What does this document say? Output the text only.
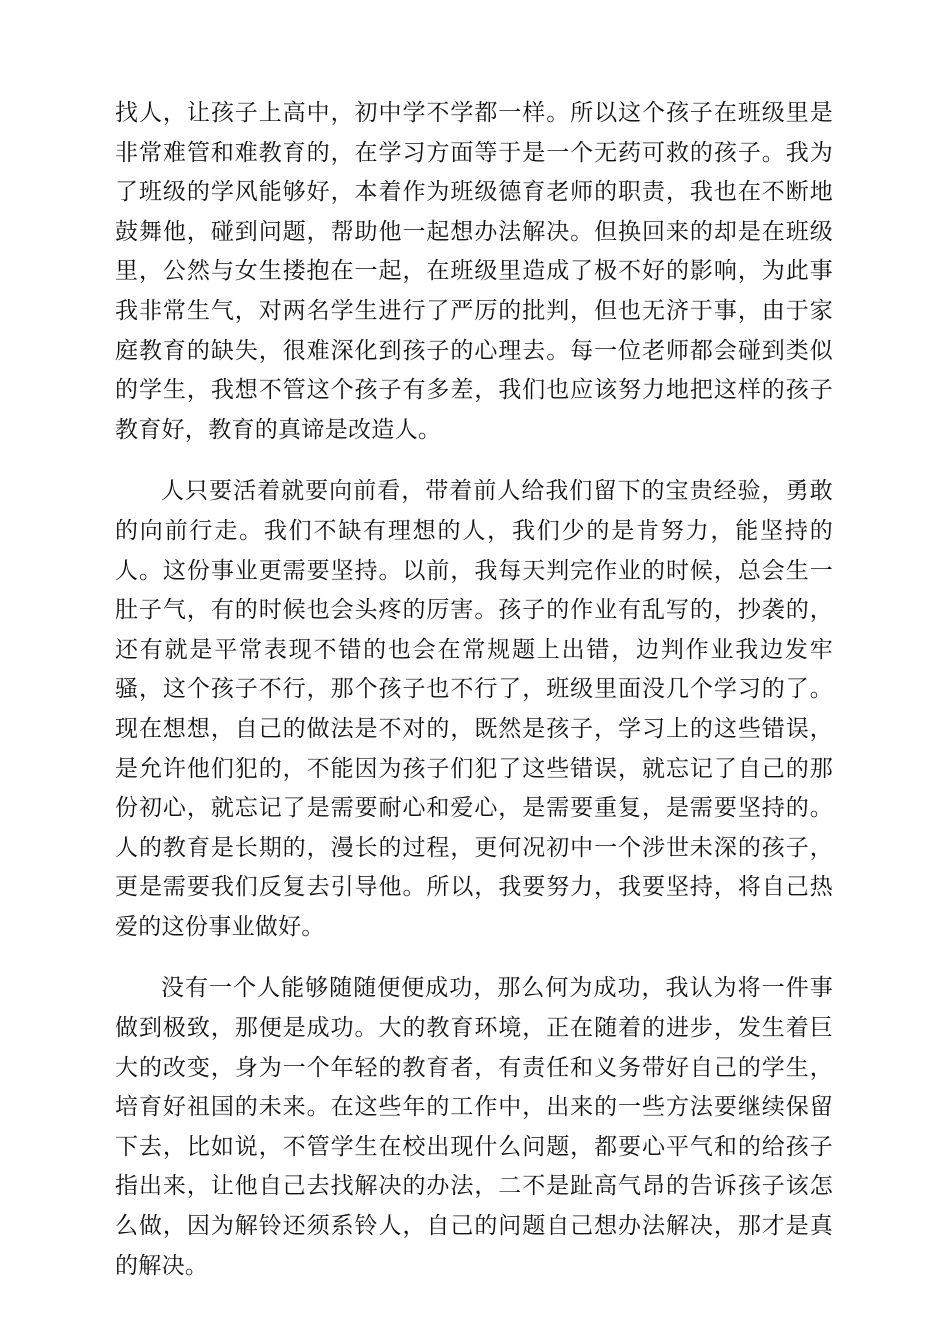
找人，让孩子上高中，初中学不学都一样。所以这个孩子在班级里是非常难管和难教育的，在学习方面等于是一个无药可救的孩子。我为了班级的学风能够好，本着作为班级德育老师的职责，我也在不断地鼓舞他，碰到问题，帮助他一起想办法解决。但换回来的却是在班级里，公然与女生搂抱在一起，在班级里造成了极不好的影响，为此事我非常生气，对两名学生进行了严厉的批判，但也无济于事，由于家庭教育的缺失，很难深化到孩子的心理去。每一位老师都会碰到类似的学生，我想不管这个孩子有多差，我们也应该努力地把这样的孩子教育好，教育的真谛是改造人。

人只要活着就要向前看，带着前人给我们留下的宝贵经验，勇敢的向前行走。我们不缺有理想的人，我们少的是肯努力，能坚持的人。这份事业更需要坚持。以前，我每天判完作业的时候，总会生一肚子气，有的时候也会头疼的厉害。孩子的作业有乱写的，抄袭的，还有就是平常表现不错的也会在常规题上出错，边判作业我边发牢骚，这个孩子不行，那个孩子也不行了，班级里面没几个学习的了。现在想想，自己的做法是不对的，既然是孩子，学习上的这些错误，是允许他们犯的，不能因为孩子们犯了这些错误，就忘记了自己的那份初心，就忘记了是需要耐心和爱心，是需要重复，是需要坚持的。人的教育是长期的，漫长的过程，更何况初中一个涉世未深的孩子，更是需要我们反复去引导他。所以，我要努力，我要坚持，将自己热爱的这份事业做好。

没有一个人能够随随便便成功，那么何为成功，我认为将一件事做到极致，那便是成功。大的教育环境，正在随着的进步，发生着巨大的改变，身为一个年轻的教育者，有责任和义务带好自己的学生，培育好祖国的未来。在这些年的工作中，出来的一些方法要继续保留下去，比如说，不管学生在校出现什么问题，都要心平气和的给孩子指出来，让他自己去找解决的办法，二不是趾高气昂的告诉孩子该怎么做，因为解铃还须系铃人，自己的问题自己想办法解决，那才是真的解决。
